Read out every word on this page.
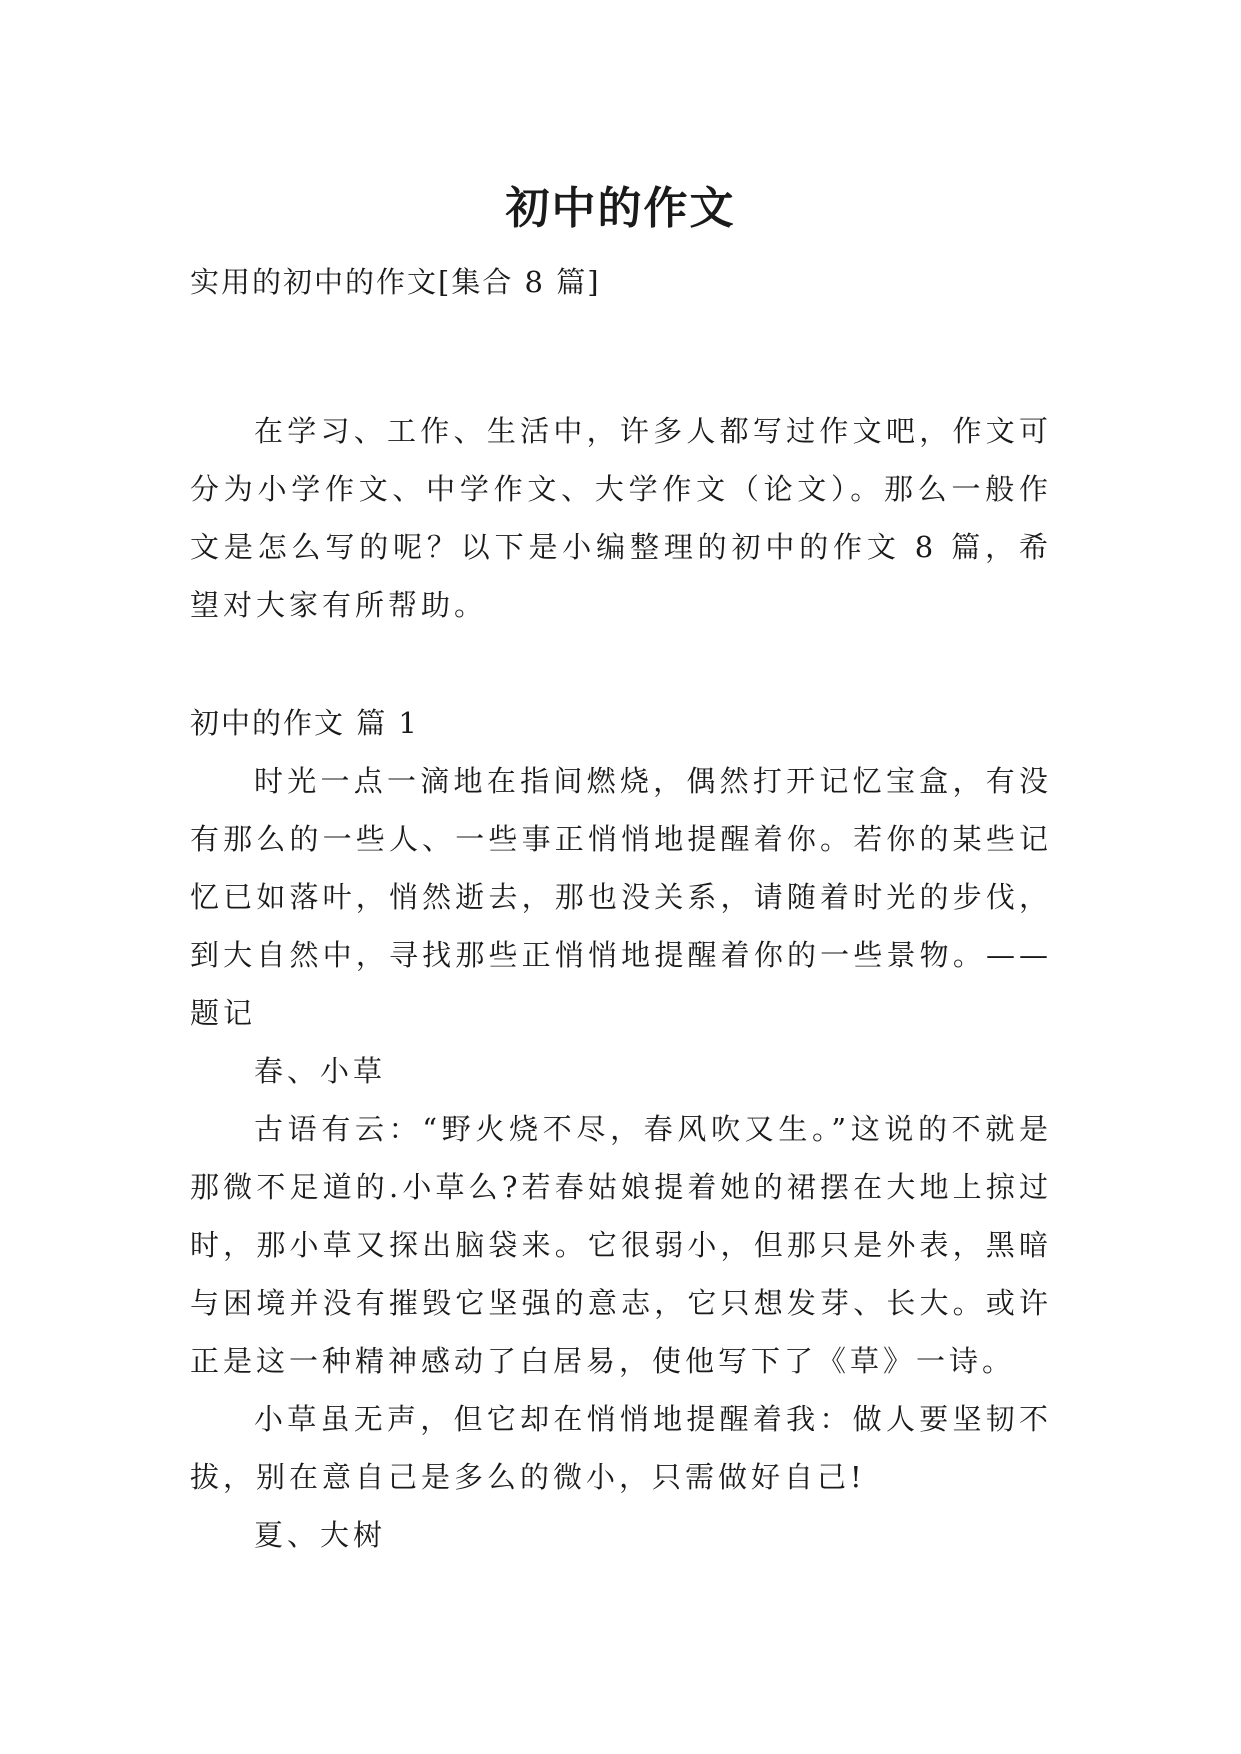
初中的作文
实用的初中的作文[集合 8 篇]

在学习、工作、生活中，许多人都写过作文吧，作文可分为小学作文、中学作文、大学作文（论文）。那么一般作文是怎么写的呢？以下是小编整理的初中的作文 8 篇，希望对大家有所帮助。

初中的作文 篇 1

时光一点一滴地在指间燃烧，偶然打开记忆宝盒，有没有那么的一些人、一些事正悄悄地提醒着你。若你的某些记忆已如落叶，悄然逝去，那也没关系，请随着时光的步伐，到大自然中，寻找那些正悄悄地提醒着你的一些景物。——题记

春、小草

古语有云：“野火烧不尽，春风吹又生。”这说的不就是那微不足道的.小草么?若春姑娘提着她的裙摆在大地上掠过时，那小草又探出脑袋来。它很弱小，但那只是外表，黑暗与困境并没有摧毁它坚强的意志，它只想发芽、长大。或许正是这一种精神感动了白居易，使他写下了《草》一诗。

小草虽无声，但它却在悄悄地提醒着我：做人要坚韧不拔，别在意自己是多么的微小，只需做好自己!

夏、大树
